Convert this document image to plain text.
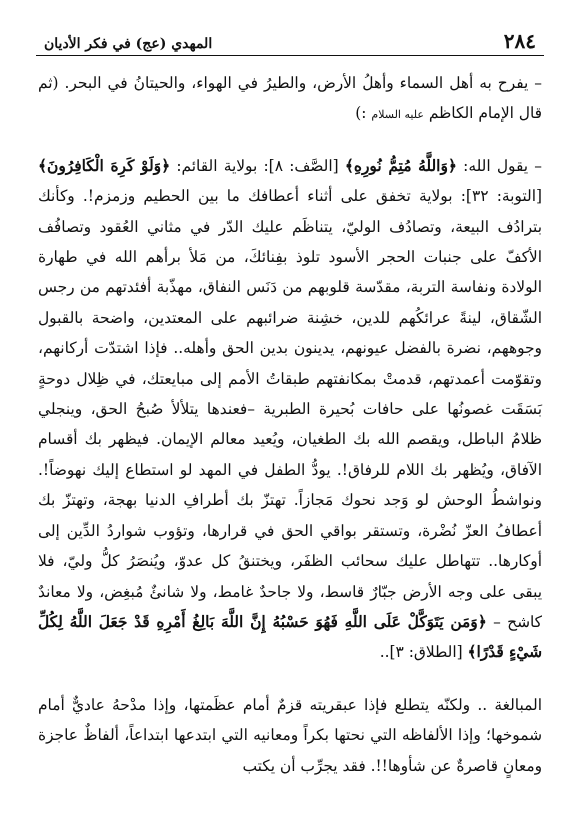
٢٨٤
المهدي (عج) في فكر الأديان

– يفرح به أهل السماء وأهلُ الأرض، والطيرُ في الهواء، والحيتانُ في البحر. (ثم قال الإمام الكاظم عليه السلام :)

– يقول الله: ﴿وَاللَّهُ مُتِمُّ نُورِهِ﴾ [الصَّف: ٨]: بولاية القائم: ﴿وَلَوْ كَرِهَ الْكَافِرُونَ﴾ [التوبة: ٣٢]: بولاية تخفق على أثناء أعطافك ما بين الحطيم وزمزم!. وكأنك بترادُف البيعة، وتصادُف الوليّ، يتناظَم عليك الدّر في مثاني العُقود وتصافُف الأكفّ على جنبات الحجر الأسود تلوذ بفِنائكَ، من مَلأ برأهم الله في طهارة الولادة ونفاسة التربة، مقدّسة قلوبهم من دَنَس النفاق، مهذّبة أفئدتهم من رجس الشّقاق، لينةً عرائكُهم للدين، خشِنة ضرائبهم على المعتدين، واضحة بالقبول وجوههم، نضرة بالفضل عيونهم، يدينون بدين الحق وأهله.. فإذا اشتدّت أركانهم، وتقوّمت أعمدتهم، قدمتْ بمكانفتهم طبقاتُ الأمم إلى مبايعتك، في ظِلال دوحةٍ بَسَقَت غصونُها على حافات بُحيرة الطبرية –فعندها يتلألأ صُبحُ الحق، وينجلي ظلامُ الباطل، ويقصم الله بك الطغيان، ويُعيد معالم الإيمان. فيظهر بك أقسام الآفاق، ويُظهر بك اللام للرفاق!. يودُّ الطفل في المهد لو استطاع إليك نهوضاً!. ونواشطُ الوحش لو وَجد نحوك مَجازاً. تهتزّ بك أطرافِ الدنيا بهجة، وتهتزّ بك أعطافُ العزّ نُضْرة، وتستقر بواقي الحق في قرارها، وتؤوب شواردُ الدِّين إلى أوكارها.. تتهاطل عليك سحائب الظفَر، ويختنقُ كل عدوّ، ويُنصَرُ كلُّ وليّ، فلا يبقى على وجه الأرض جبّارٌ قاسط، ولا جاحدٌ غامط، ولا شانئٌ مُبغِض، ولا معاندٌ كاشح – ﴿وَمَن يَتَوَكَّلْ عَلَى اللَّهِ فَهُوَ حَسْبُهُ إِنَّ اللَّهَ بَالِغُ أَمْرِهِ قَدْ جَعَلَ اللَّهُ لِكُلِّ شَيْءٍ قَدْرًا﴾ [الطلاق: ٣]..

المبالغة .. ولكنّه يتطلع فإذا عبقريته قزمٌ أمام عظَمتها، وإذا مدْحهُ عاديٌّ أمام شموخها؛ وإذا الألفاظه التي نحتها بكراً ومعانيه التي ابتدعها ابتداعاً، ألفاظٌ عاجزة ومعانٍ قاصرةٌ عن شأوها!!. فقد يجرِّب أن يكتب
